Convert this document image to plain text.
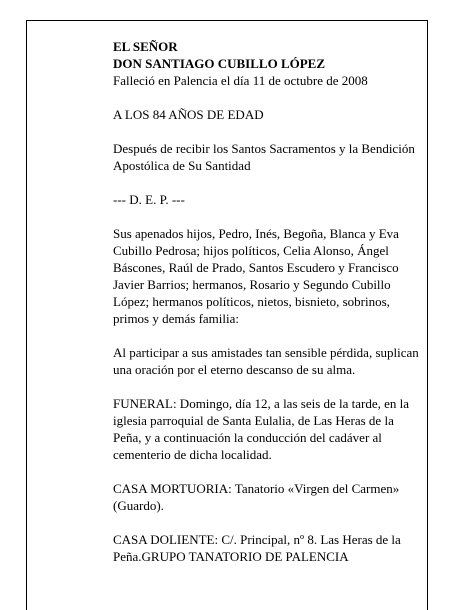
EL SEÑOR

DON SANTIAGO CUBILLO LÓPEZ

Falleció en Palencia el día 11 de octubre de 2008

A LOS 84 AÑOS DE EDAD

Después de recibir los Santos Sacramentos y la Bendición Apostólica de Su Santidad

--- D. E. P. ---

Sus apenados hijos, Pedro, Inés, Begoña, Blanca y Eva Cubillo Pedrosa; hijos políticos, Celia Alonso, Ángel Báscones, Raúl de Prado, Santos Escudero y Francisco Javier Barrios; hermanos, Rosario y Segundo Cubillo López; hermanos políticos, nietos, bisnieto, sobrinos, primos y demás familia:

Al participar a sus amistades tan sensible pérdida, suplican una oración por el eterno descanso de su alma.

FUNERAL: Domingo, día 12, a las seis de la tarde, en la iglesia parroquial de Santa Eulalia, de Las Heras de la Peña, y a continuación la conducción del cadáver al cementerio de dicha localidad.

CASA MORTUORIA: Tanatorio «Virgen del Carmen» (Guardo).

CASA DOLIENTE: C/. Principal, nº 8. Las Heras de la Peña.GRUPO TANATORIO DE PALENCIA
